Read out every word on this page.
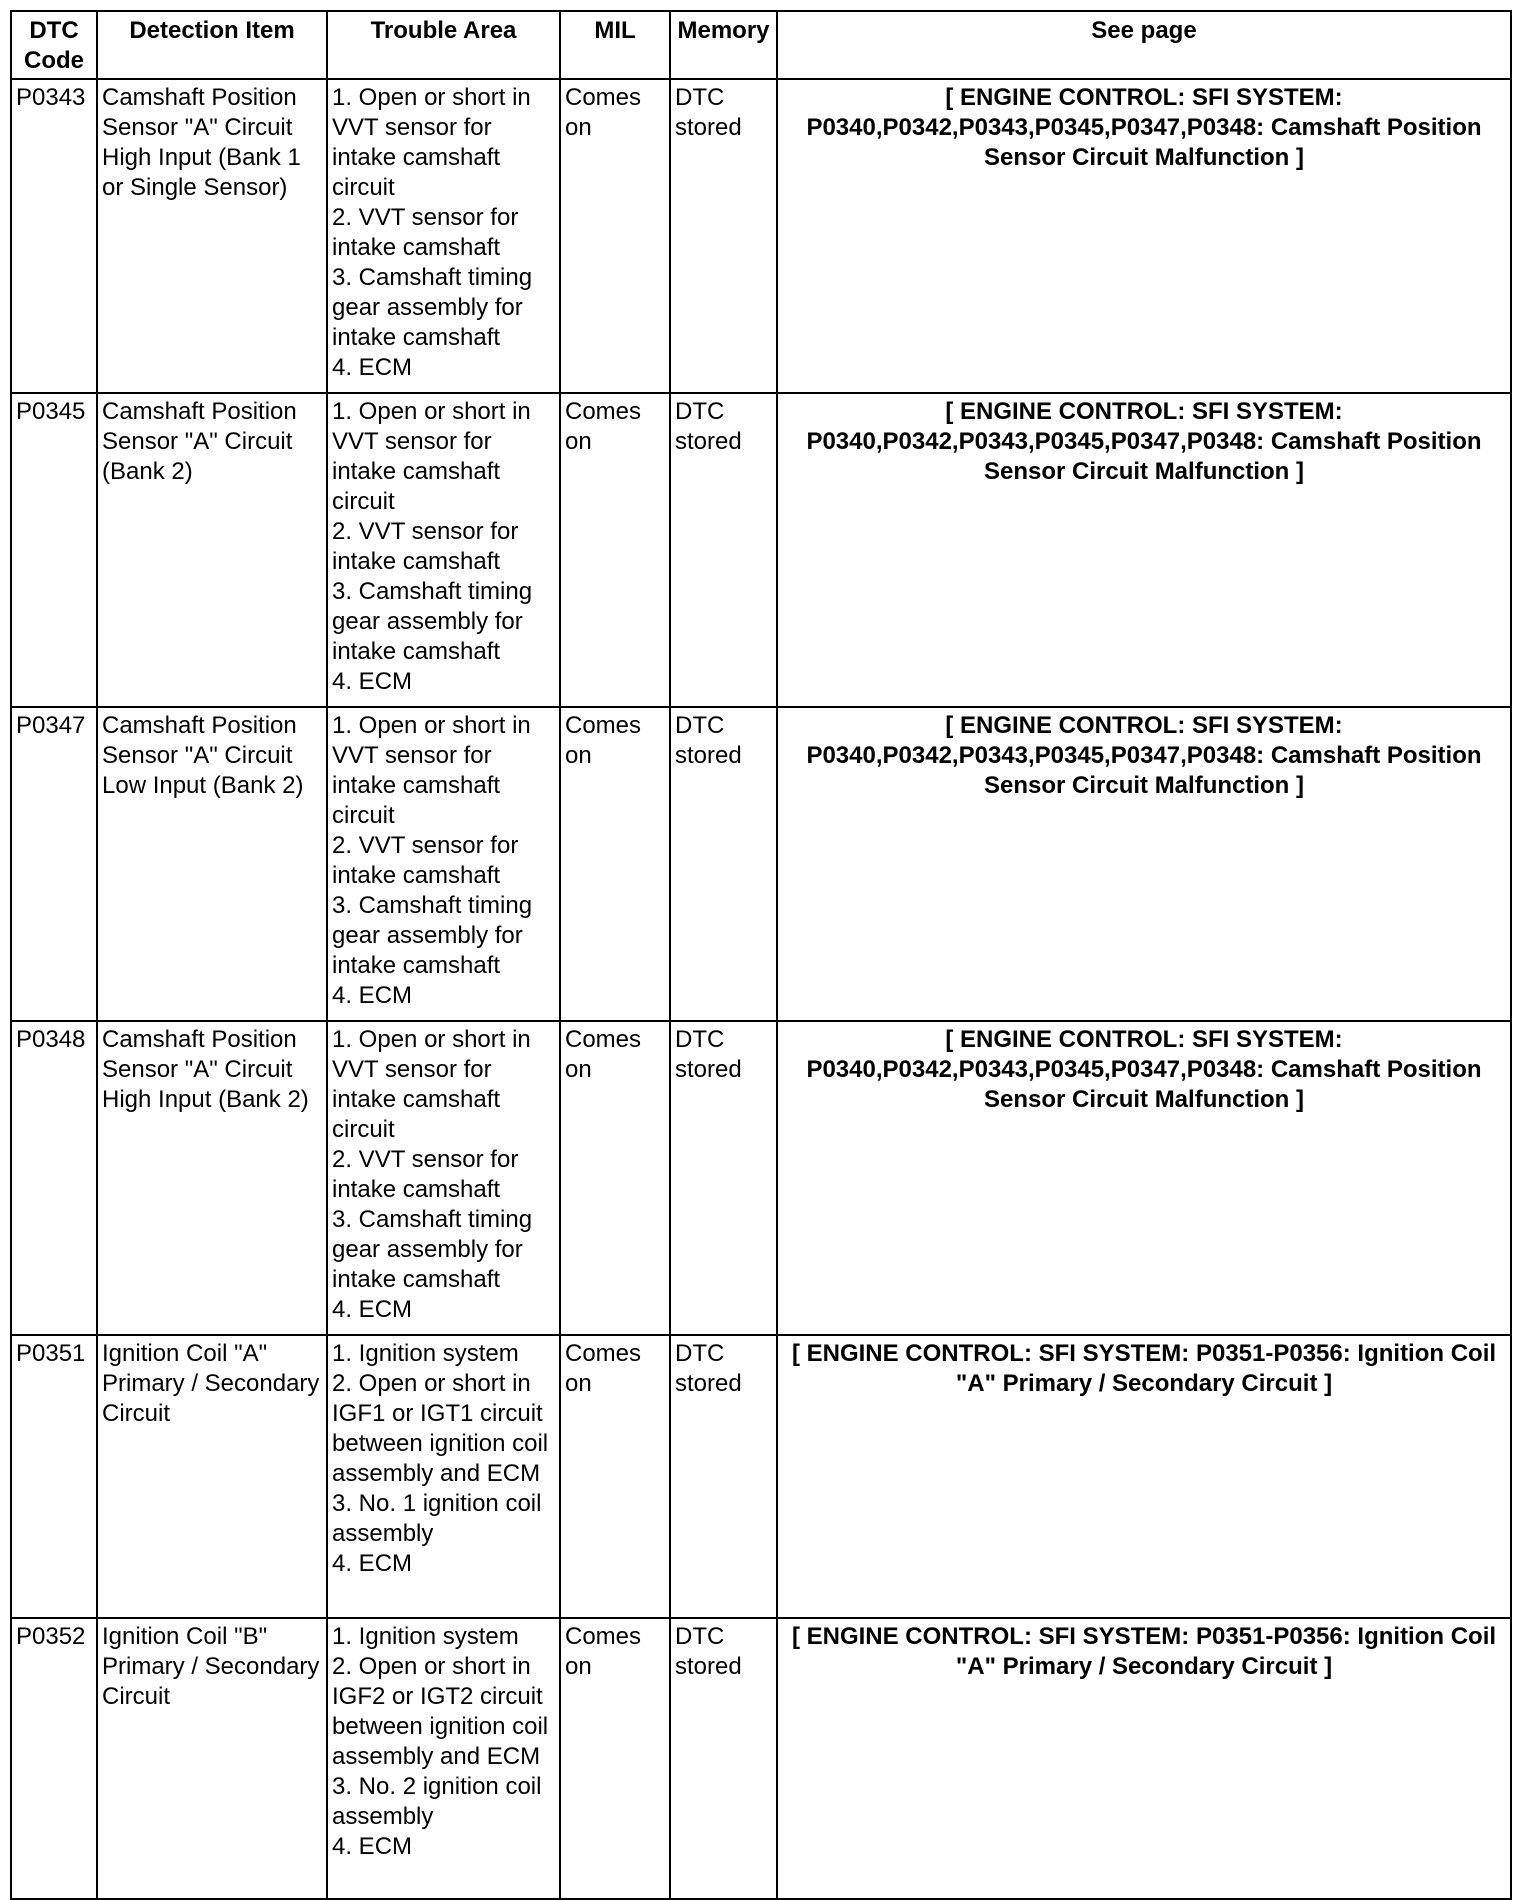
DTC Code	Detection Item	Trouble Area	MIL	Memory	See page
P0343	Camshaft Position Sensor "A" Circuit High Input (Bank 1 or Single Sensor)	1. Open or short in VVT sensor for intake camshaft circuit
2. VVT sensor for intake camshaft
3. Camshaft timing gear assembly for intake camshaft
4. ECM	Comes on	DTC stored	[ ENGINE CONTROL: SFI SYSTEM: P0340,P0342,P0343,P0345,P0347,P0348: Camshaft Position Sensor Circuit Malfunction ]
P0345	Camshaft Position Sensor "A" Circuit (Bank 2)	1. Open or short in VVT sensor for intake camshaft circuit
2. VVT sensor for intake camshaft
3. Camshaft timing gear assembly for intake camshaft
4. ECM	Comes on	DTC stored	[ ENGINE CONTROL: SFI SYSTEM: P0340,P0342,P0343,P0345,P0347,P0348: Camshaft Position Sensor Circuit Malfunction ]
P0347	Camshaft Position Sensor "A" Circuit Low Input (Bank 2)	1. Open or short in VVT sensor for intake camshaft circuit
2. VVT sensor for intake camshaft
3. Camshaft timing gear assembly for intake camshaft
4. ECM	Comes on	DTC stored	[ ENGINE CONTROL: SFI SYSTEM: P0340,P0342,P0343,P0345,P0347,P0348: Camshaft Position Sensor Circuit Malfunction ]
P0348	Camshaft Position Sensor "A" Circuit High Input (Bank 2)	1. Open or short in VVT sensor for intake camshaft circuit
2. VVT sensor for intake camshaft
3. Camshaft timing gear assembly for intake camshaft
4. ECM	Comes on	DTC stored	[ ENGINE CONTROL: SFI SYSTEM: P0340,P0342,P0343,P0345,P0347,P0348: Camshaft Position Sensor Circuit Malfunction ]
P0351	Ignition Coil "A" Primary / Secondary Circuit	1. Ignition system
2. Open or short in IGF1 or IGT1 circuit between ignition coil assembly and ECM
3. No. 1 ignition coil assembly
4. ECM	Comes on	DTC stored	[ ENGINE CONTROL: SFI SYSTEM: P0351-P0356: Ignition Coil "A" Primary / Secondary Circuit ]
P0352	Ignition Coil "B" Primary / Secondary Circuit	1. Ignition system
2. Open or short in IGF2 or IGT2 circuit between ignition coil assembly and ECM
3. No. 2 ignition coil assembly
4. ECM	Comes on	DTC stored	[ ENGINE CONTROL: SFI SYSTEM: P0351-P0356: Ignition Coil "A" Primary / Secondary Circuit ]
